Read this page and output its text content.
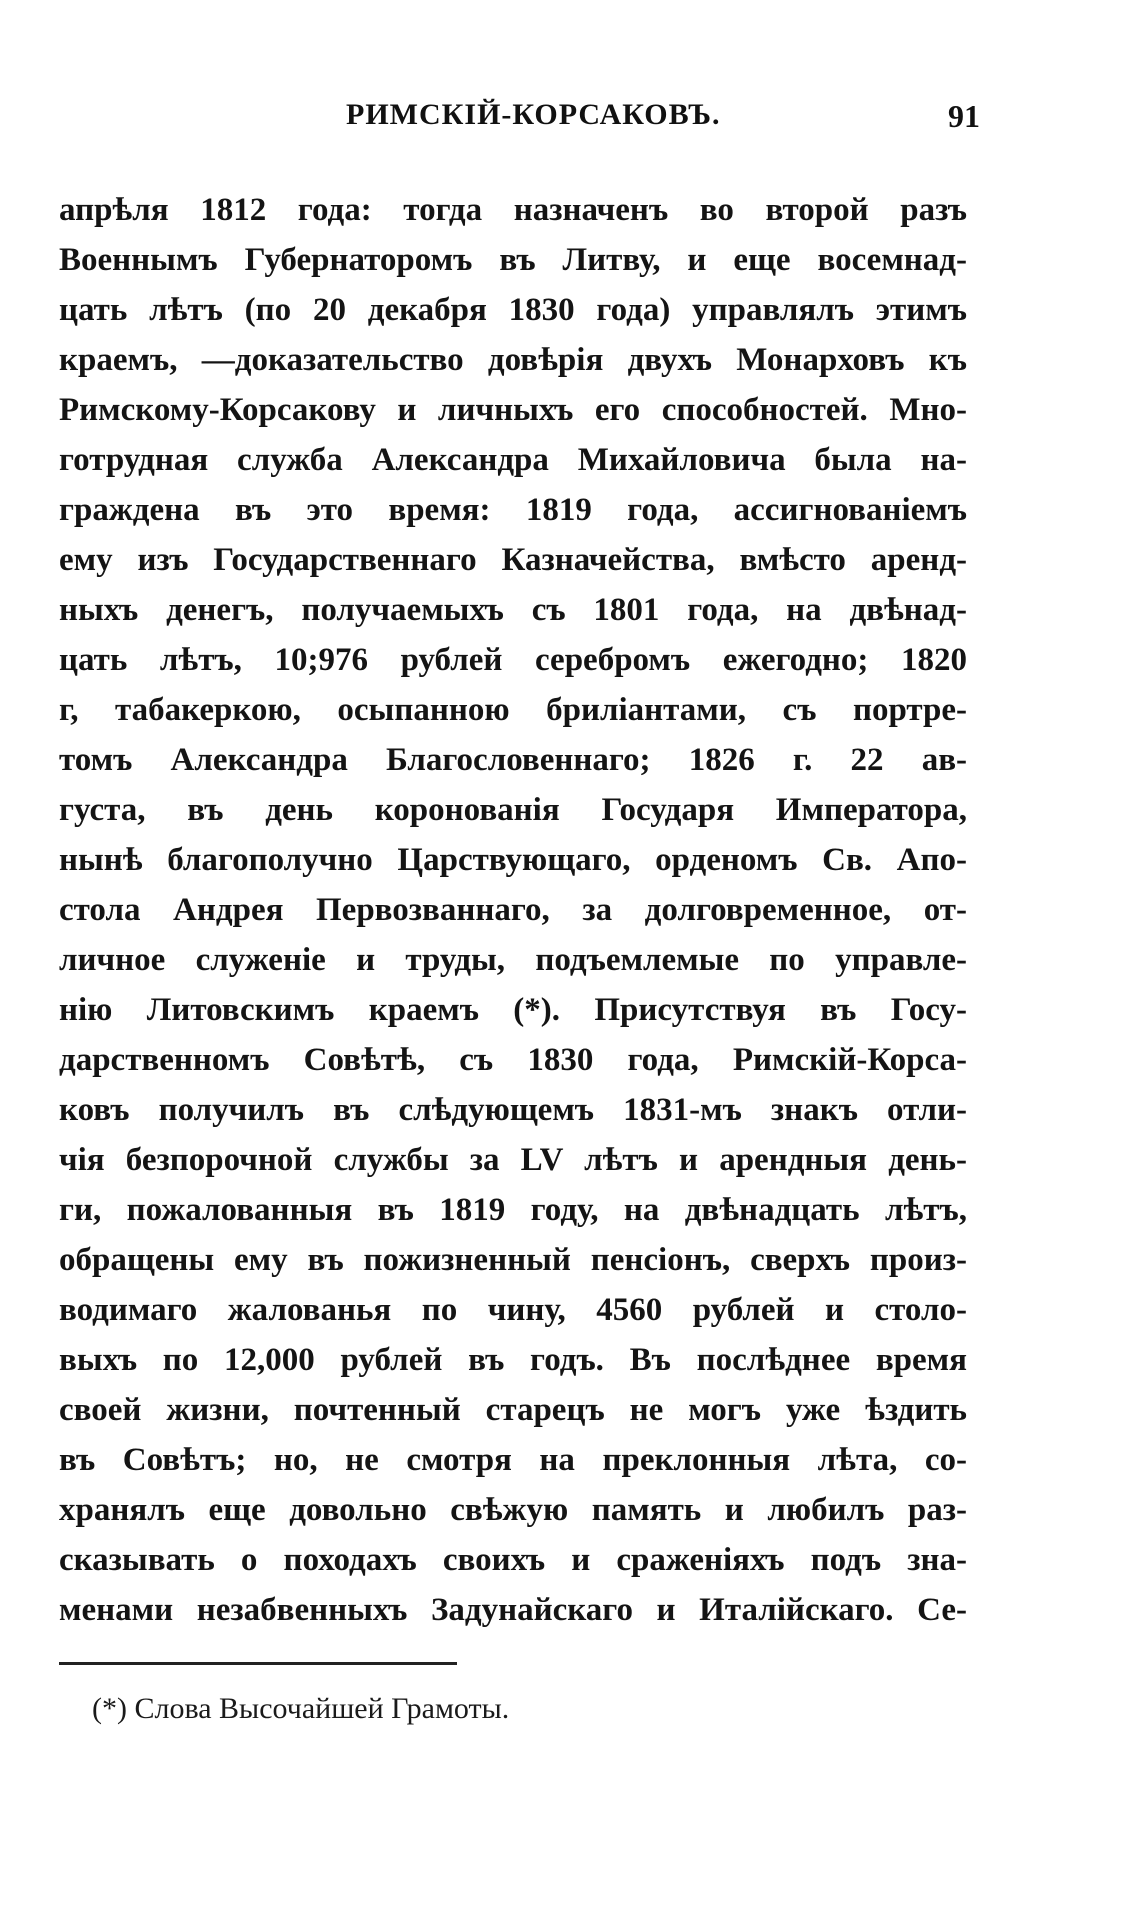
РИМСКІЙ-КОРСАКОВЪ.	91
апрѣля 1812 года: тогда назначенъ во второй разъ
Военнымъ Губернаторомъ въ Литву, и еще восемнад-
цать лѣтъ (по 20 декабря 1830 года) управлялъ этимъ
краемъ, —доказательство довѣрія двухъ Монарховъ къ
Римскому-Корсакову и личныхъ его способностей. Мно-
готрудная служба Александра Михайловича была на-
граждена въ это время: 1819 года, ассигнованіемъ
ему изъ Государственнаго Казначейства, вмѣсто аренд-
ныхъ денегъ, получаемыхъ съ 1801 года, на двѣнад-
цать лѣтъ, 10;976 рублей серебромъ ежегодно; 1820
г, табакеркою, осыпанною бриліантами, съ портре-
томъ Александра Благословеннаго; 1826 г. 22 ав-
густа, въ день коронованія Государя Императора,
нынѣ благополучно Царствующаго, орденомъ Св. Апо-
стола Андрея Первозваннаго, за долговременное, от-
личное служеніе и труды, подъемлемые по управле-
нію Литовскимъ краемъ (*). Присутствуя въ Госу-
дарственномъ Совѣтѣ, съ 1830 года, Римскій-Корса-
ковъ получилъ въ слѣдующемъ 1831-мъ знакъ отли-
чія безпорочной службы за LV лѣтъ и арендныя день-
ги, пожалованныя въ 1819 году, на двѣнадцать лѣтъ,
обращены ему въ пожизненный пенсіонъ, сверхъ произ-
водимаго жалованья по чину, 4560 рублей и столо-
выхъ по 12,000 рублей въ годъ. Въ послѣднее время
своей жизни, почтенный старецъ не могъ уже ѣздить
въ Совѣтъ; но, не смотря на преклонныя лѣта, со-
хранялъ еще довольно свѣжую память и любилъ раз-
сказывать о походахъ своихъ и сраженіяхъ подъ зна-
менами незабвенныхъ Задунайскаго и Италійскаго. Се-
(*) Слова Высочайшей Грамоты.
